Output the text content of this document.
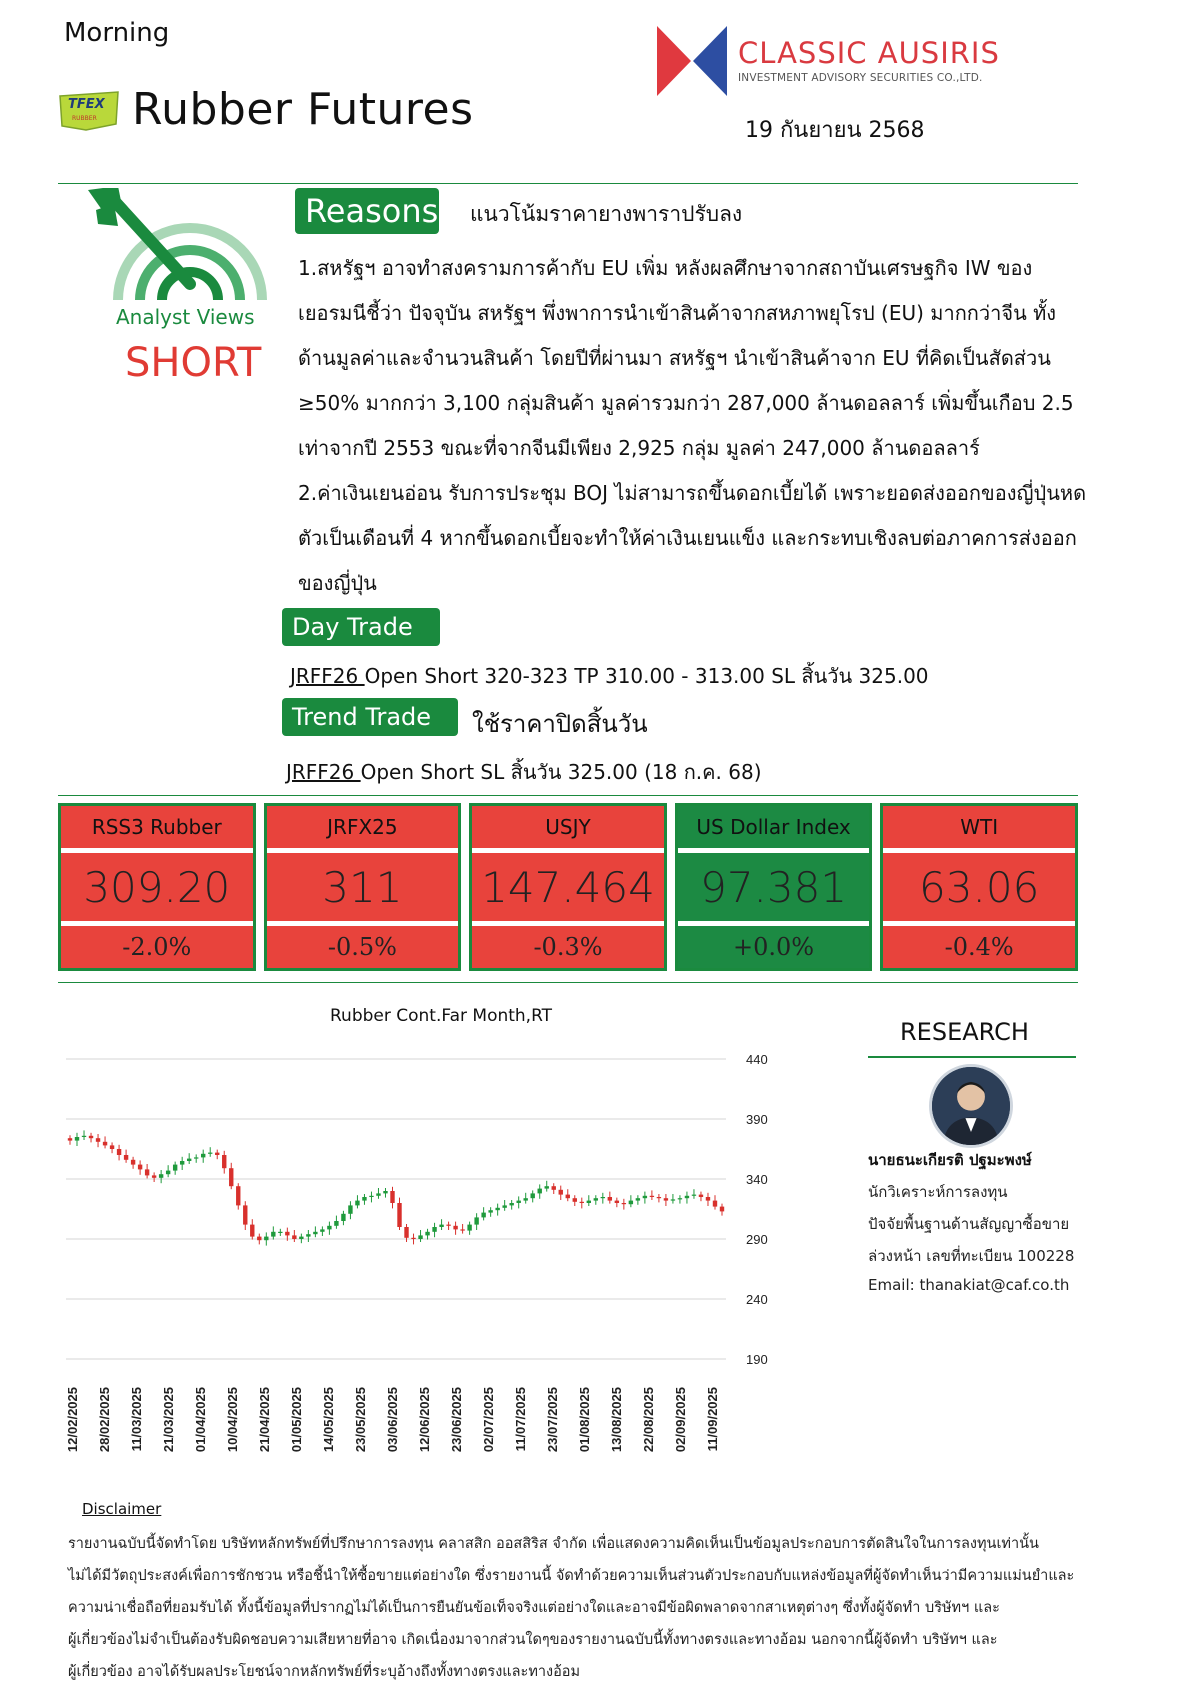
Morning
TFEX
RUBBER Rubber Futures
CLASSIC AUSIRIS
INVESTMENT ADVISORY SECURITIES CO.,LTD.
19 กันยายน 2568
Analyst Views
SHORT
Reasons แนวโน้มราคายางพาราปรับลง

1.สหรัฐฯ อาจทำสงครามการค้ากับ EU เพิ่ม หลังผลศึกษาจากสถาบันเศรษฐกิจ IW ของ

เยอรมนีชี้ว่า ปัจจุบัน สหรัฐฯ พึ่งพาการนำเข้าสินค้าจากสหภาพยุโรป (EU) มากกว่าจีน ทั้ง

ด้านมูลค่าและจำนวนสินค้า โดยปีที่ผ่านมา สหรัฐฯ นำเข้าสินค้าจาก EU ที่คิดเป็นสัดส่วน

≥50% มากกว่า 3,100 กลุ่มสินค้า มูลค่ารวมกว่า 287,000 ล้านดอลลาร์ เพิ่มขึ้นเกือบ 2.5

เท่าจากปี 2553 ขณะที่จากจีนมีเพียง 2,925 กลุ่ม มูลค่า 247,000 ล้านดอลลาร์

2.ค่าเงินเยนอ่อน รับการประชุม BOJ ไม่สามารถขึ้นดอกเบี้ยได้ เพราะยอดส่งออกของญี่ปุ่นหด

ตัวเป็นเดือนที่ 4 หากขึ้นดอกเบี้ยจะทำให้ค่าเงินเยนแข็ง และกระทบเชิงลบต่อภาคการส่งออก

ของญี่ปุ่น

Day Trade
JRFF26 Open Short 320-323 TP 310.00 - 313.00 SL สิ้นวัน 325.00
Trend Trade	ใช้ราคาปิดสิ้นวัน
JRFF26 Open Short SL สิ้นวัน 325.00 (18 ก.ค. 68)
RSS3 Rubber
309.20
-2.0%
JRFX25
311
-0.5%
USJY
147.464
-0.3%
US Dollar Index
97.381
+0.0%
WTI
63.06
-0.4%
Rubber Cont.Far Month,RT
440
390
340
290
240
190
12/02/2025 28/02/2025 11/03/2025 21/03/2025 01/04/2025 10/04/2025 21/04/2025 01/05/2025 14/05/2025 23/05/2025 03/06/2025 12/06/2025 23/06/2025 02/07/2025 11/07/2025 23/07/2025 01/08/2025 13/08/2025 22/08/2025 02/09/2025 11/09/2025
RESEARCH
นายธนะเกียรติ ปฐมะพงษ์
นักวิเคราะห์การลงทุน
ปัจจัยพื้นฐานด้านสัญญาซื้อขาย
ล่วงหน้า เลขที่ทะเบียน 100228
Email: thanakiat@caf.co.th
Disclaimer

รายงานฉบับนี้จัดทำโดย บริษัทหลักทรัพย์ที่ปรึกษาการลงทุน คลาสสิก ออสสิริส จำกัด เพื่อแสดงความคิดเห็นเป็นข้อมูลประกอบการตัดสินใจในการลงทุนเท่านั้น

ไม่ได้มีวัตถุประสงค์เพื่อการชักชวน หรือชี้นำให้ซื้อขายแต่อย่างใด ซึ่งรายงานนี้ จัดทำด้วยความเห็นส่วนตัวประกอบกับแหล่งข้อมูลที่ผู้จัดทำเห็นว่ามีความแม่นยำและ

ความน่าเชื่อถือที่ยอมรับได้ ทั้งนี้ข้อมูลที่ปรากฏไม่ได้เป็นการยืนยันข้อเท็จจริงแต่อย่างใดและอาจมีข้อผิดพลาดจากสาเหตุต่างๆ ซึ่งทั้งผู้จัดทำ บริษัทฯ และ

ผู้เกี่ยวข้องไม่จำเป็นต้องรับผิดชอบความเสียหายที่อาจ เกิดเนื่องมาจากส่วนใดๆของรายงานฉบับนี้ทั้งทางตรงและทางอ้อม นอกจากนี้ผู้จัดทำ บริษัทฯ และ

ผู้เกี่ยวข้อง อาจได้รับผลประโยชน์จากหลักทรัพย์ที่ระบุอ้างถึงทั้งทางตรงและทางอ้อม
